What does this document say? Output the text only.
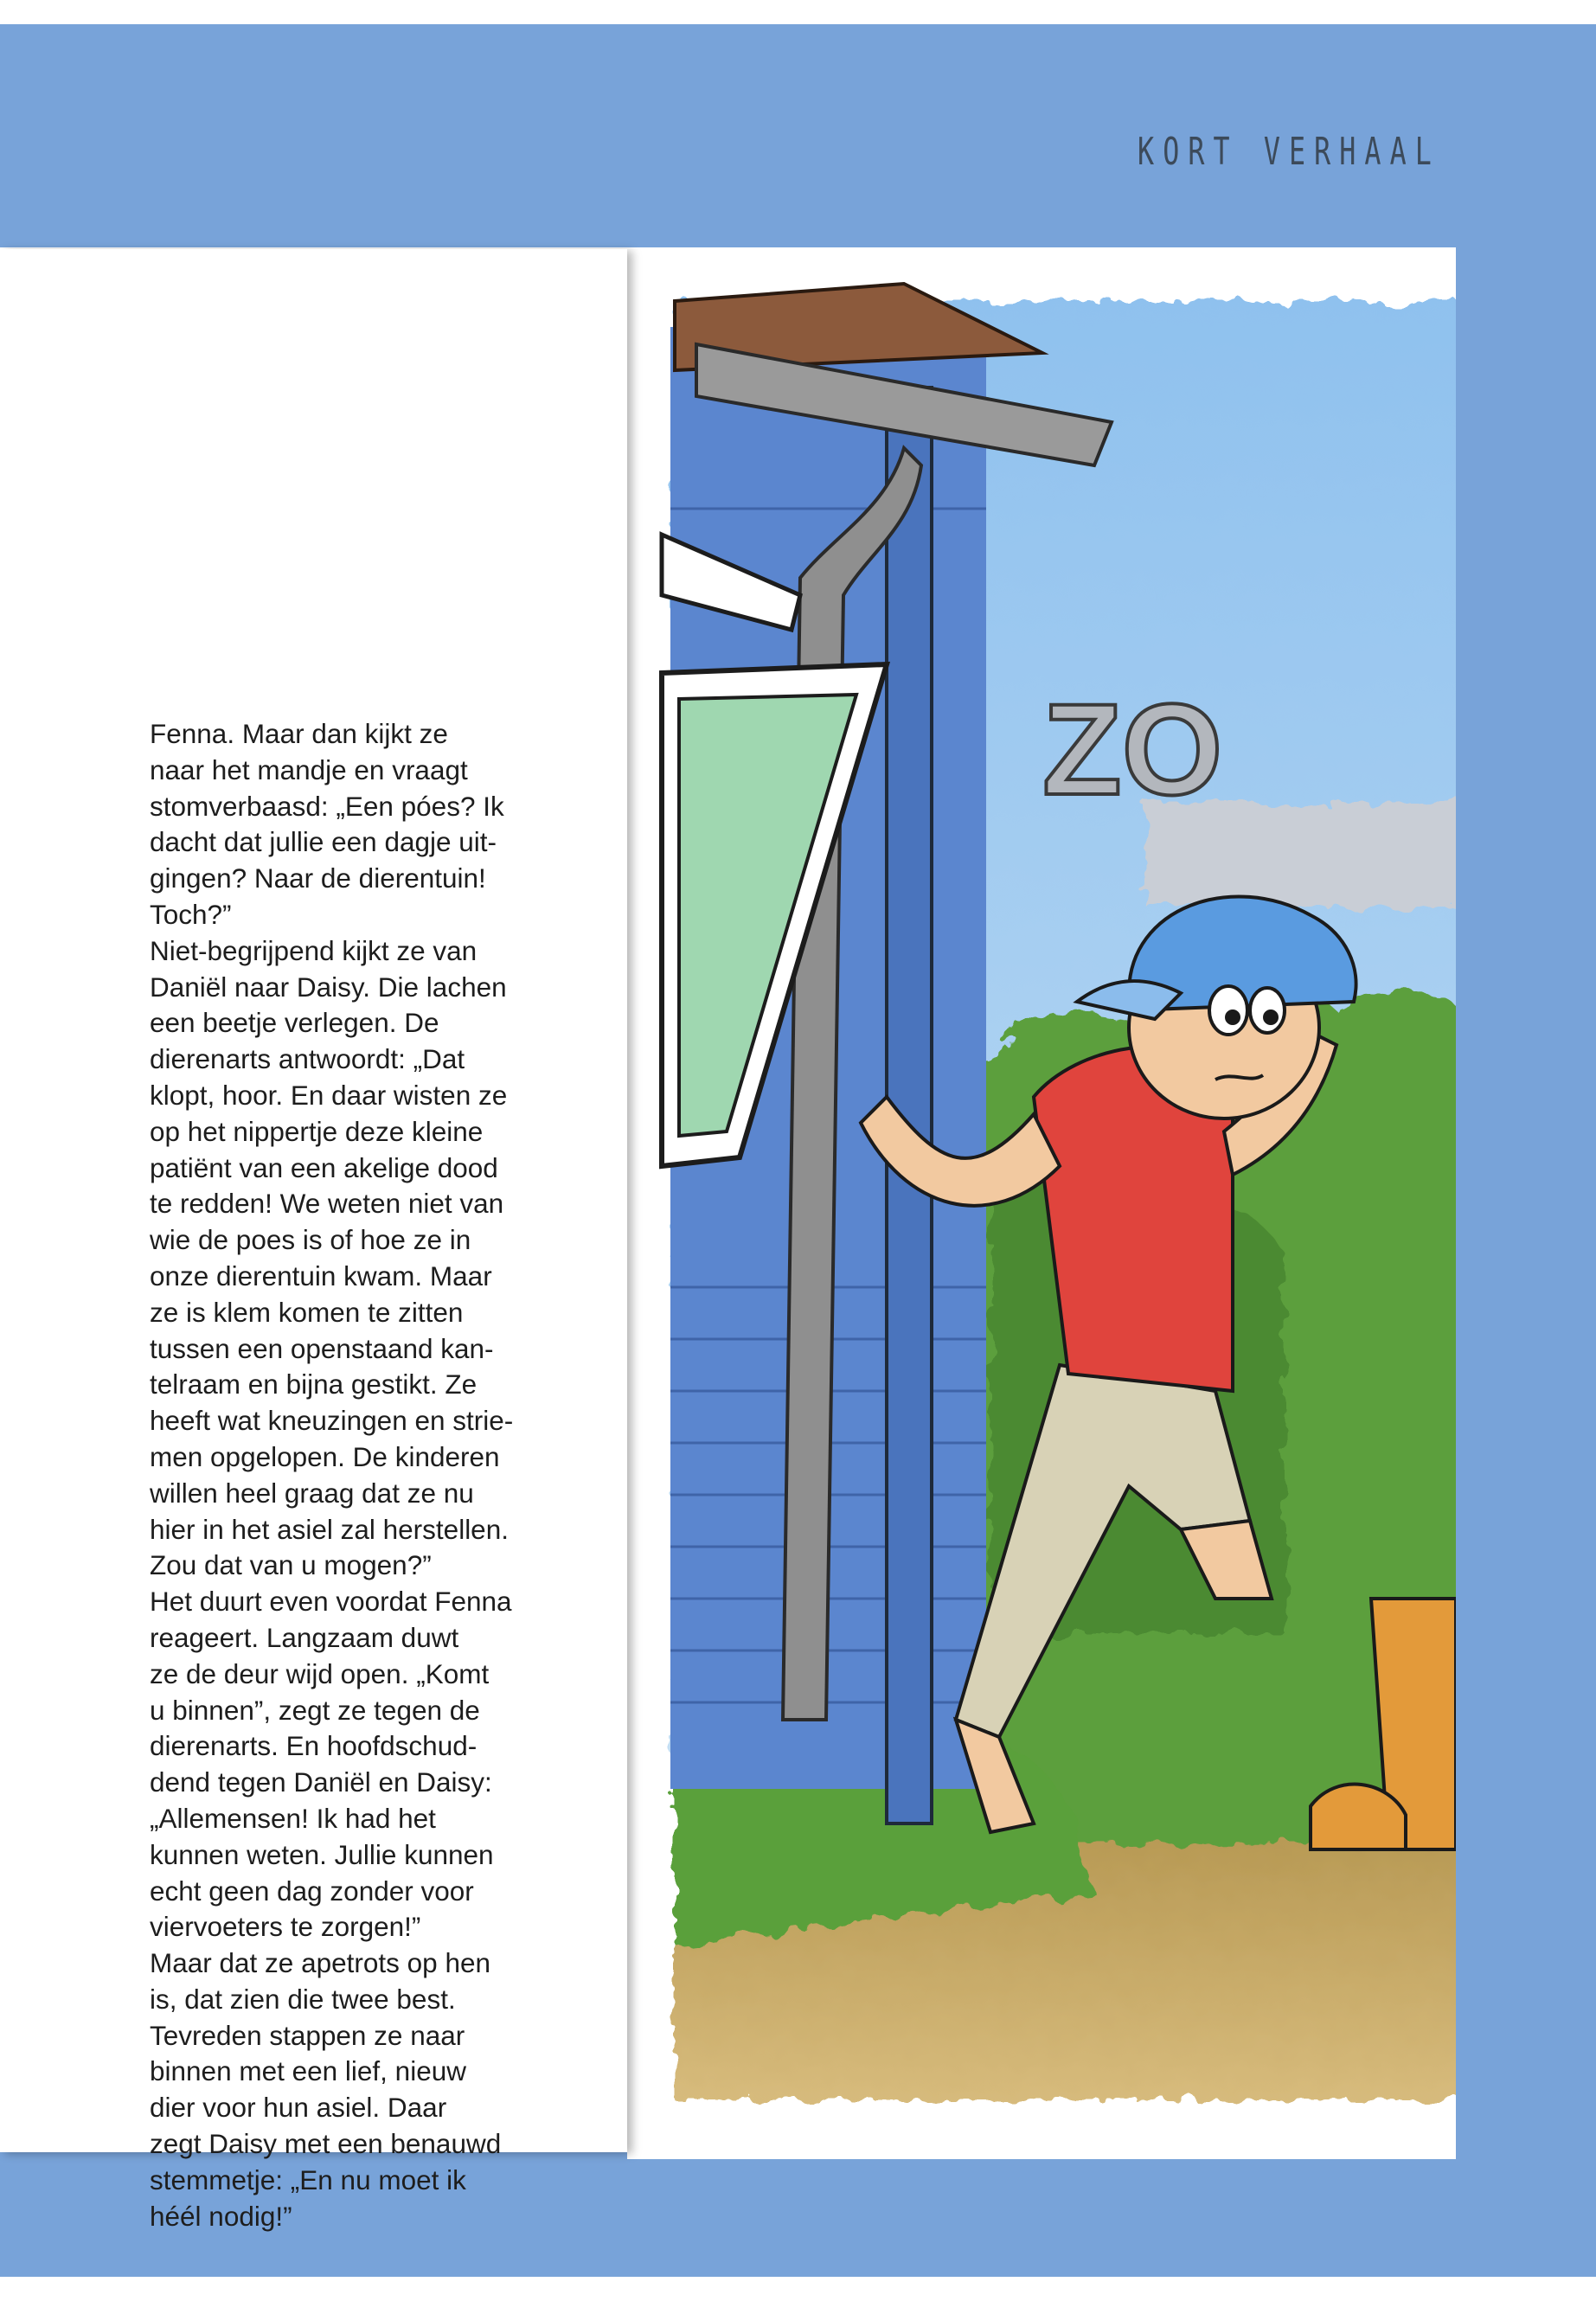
KORT VERHAAL
ZO

Fenna. Maar dan kijkt ze

naar het mandje en vraagt

stomverbaasd: „Een póes? Ik

dacht dat jullie een dagje uit-

gingen? Naar de dierentuin!

Toch?”

Niet-begrijpend kijkt ze van

Daniël naar Daisy. Die lachen

een beetje verlegen. De

dierenarts antwoordt: „Dat

klopt, hoor. En daar wisten ze

op het nippertje deze kleine

patiënt van een akelige dood

te redden! We weten niet van

wie de poes is of hoe ze in

onze dierentuin kwam. Maar

ze is klem komen te zitten

tussen een openstaand kan-

telraam en bijna gestikt. Ze

heeft wat kneuzingen en strie-

men opgelopen. De kinderen

willen heel graag dat ze nu

hier in het asiel zal herstellen.

Zou dat van u mogen?”

Het duurt even voordat Fenna

reageert. Langzaam duwt

ze de deur wijd open. „Komt

u binnen”, zegt ze tegen de

dierenarts. En hoofdschud-

dend tegen Daniël en Daisy:

„Allemensen! Ik had het

kunnen weten. Jullie kunnen

echt geen dag zonder voor

viervoeters te zorgen!”

Maar dat ze apetrots op hen

is, dat zien die twee best.

Tevreden stappen ze naar

binnen met een lief, nieuw

dier voor hun asiel. Daar

zegt Daisy met een benauwd

stemmetje: „En nu moet ik

héél nodig!”
